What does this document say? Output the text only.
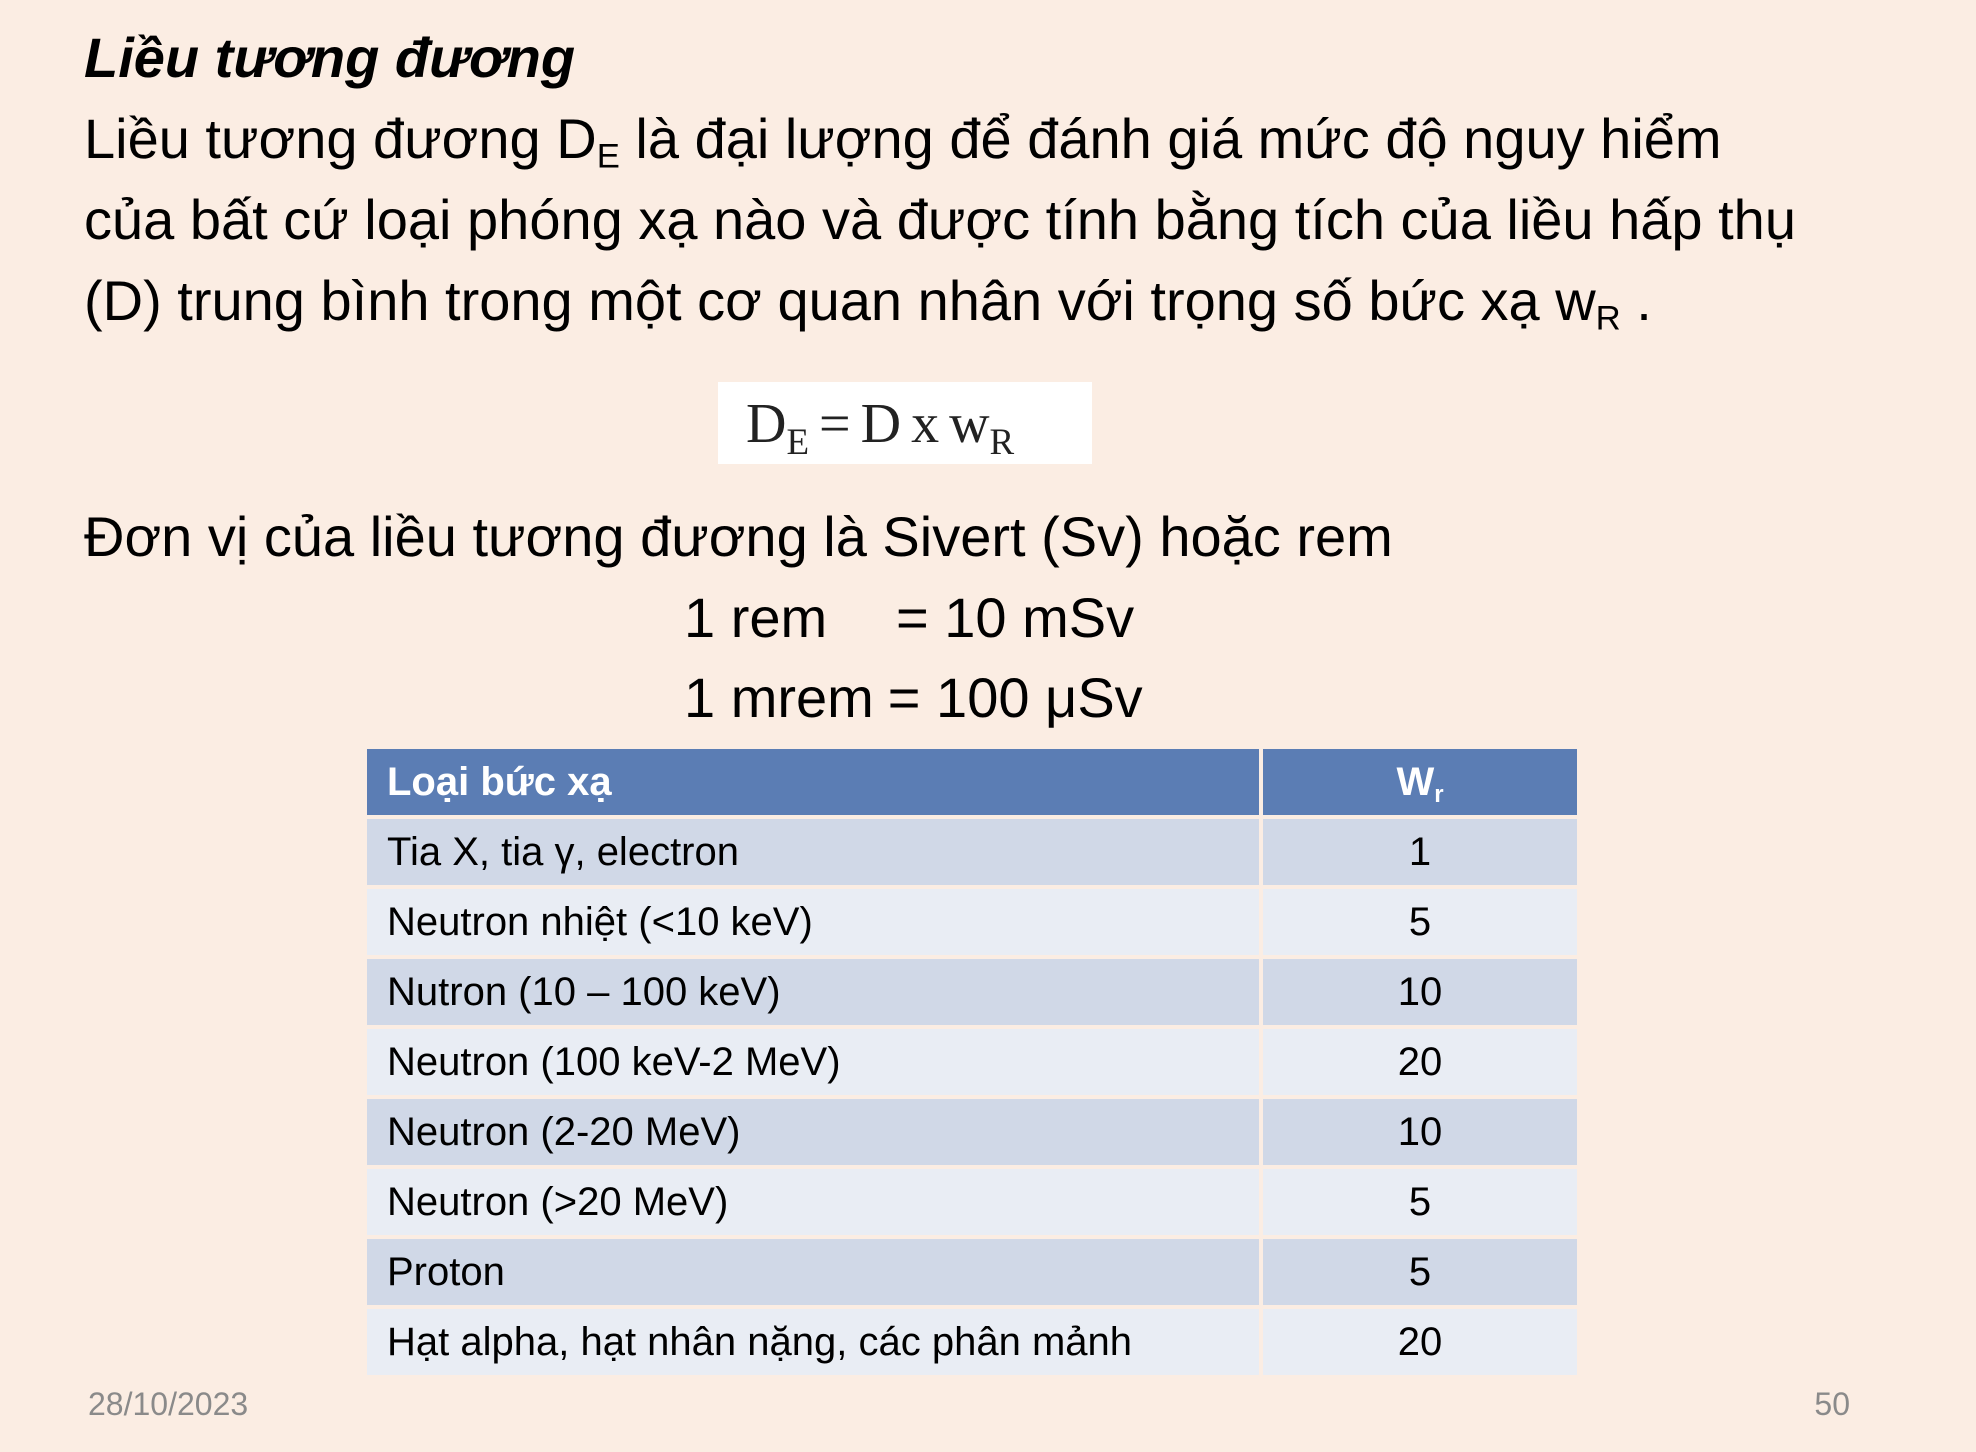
Liều tương đương
Liều tương đương $D_E$ là đại lượng để đánh giá mức độ nguy hiểm
của bất cứ loại phóng xạ nào và được tính bằng tích của liều hấp thụ
(D) trung bình trong một cơ quan nhân với trọng số bức xạ $w_R$ .
$D_E = D$ x $w_R$
Đơn vị của liều tương đương là Sivert (Sv) hoặc rem
1 rem = 10 mSv
1 mrem = 100 μSv
Loại bức xạ	$W_r$
Tia X, tia γ, electron	1
Neutron nhiệt (<10 keV)	5
Nutron (10 – 100 keV)	10
Neutron (100 keV-2 MeV)	20
Neutron (2-20 MeV)	10
Neutron (>20 MeV)	5
Proton	5
Hạt alpha, hạt nhân nặng, các phân mảnh	20
28/10/2023	50
